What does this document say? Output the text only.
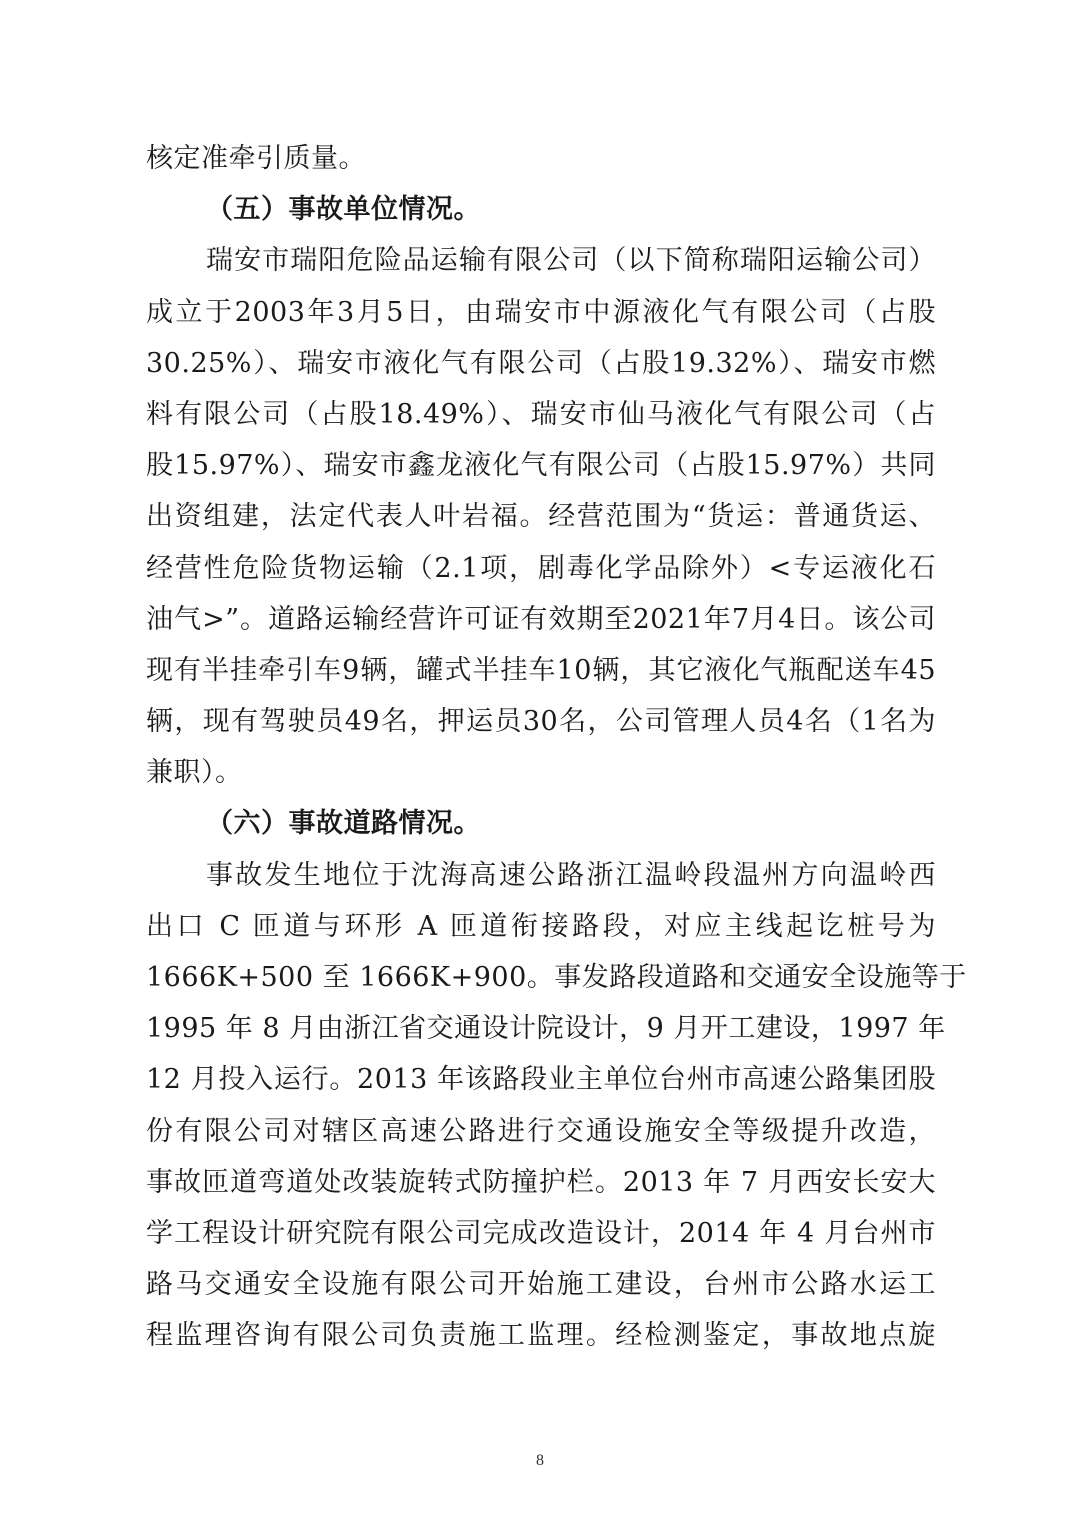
核定准牵引质量。
（五）事故单位情况。
瑞安市瑞阳危险品运输有限公司（以下简称瑞阳运输公司）
成立于2003年3月5日，由瑞安市中源液化气有限公司（占股
30.25%）、瑞安市液化气有限公司（占股19.32%）、瑞安市燃
料有限公司（占股18.49%）、瑞安市仙马液化气有限公司（占
股15.97%）、瑞安市鑫龙液化气有限公司（占股15.97%）共同
出资组建，法定代表人叶岩福。经营范围为“货运：普通货运、
经营性危险货物运输（2.1项，剧毒化学品除外）<专运液化石
油气>”。道路运输经营许可证有效期至2021年7月4日。该公司
现有半挂牵引车9辆，罐式半挂车10辆，其它液化气瓶配送车45
辆，现有驾驶员49名，押运员30名，公司管理人员4名（1名为
兼职）。
（六）事故道路情况。
事故发生地位于沈海高速公路浙江温岭段温州方向温岭西
出口 C 匝道与环形 A 匝道衔接路段，对应主线起讫桩号为
1666K+500 至 1666K+900。事发路段道路和交通安全设施等于
1995 年 8 月由浙江省交通设计院设计，9 月开工建设，1997 年
12 月投入运行。2013 年该路段业主单位台州市高速公路集团股
份有限公司对辖区高速公路进行交通设施安全等级提升改造，
事故匝道弯道处改装旋转式防撞护栏。2013 年 7 月西安长安大
学工程设计研究院有限公司完成改造设计，2014 年 4 月台州市
路马交通安全设施有限公司开始施工建设，台州市公路水运工
程监理咨询有限公司负责施工监理。经检测鉴定，事故地点旋
8
